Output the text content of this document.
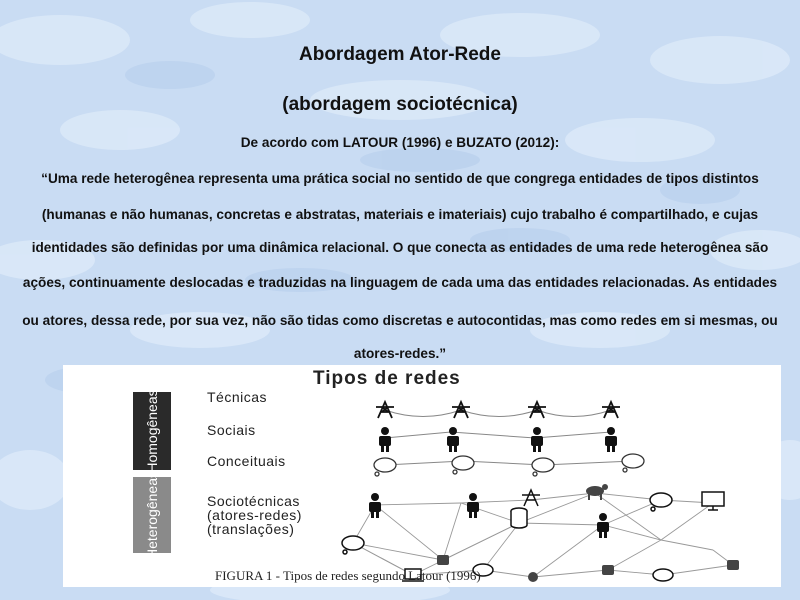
Abordagem Ator-Rede
(abordagem sociotécnica)
De acordo com LATOUR (1996) e BUZATO (2012):
“Uma rede heterogênea representa uma prática social no sentido de que congrega entidades de tipos distintos
(humanas e não humanas, concretas e abstratas, materiais e imateriais) cujo trabalho é compartilhado, e cujas
identidades são definidas por uma dinâmica relacional. O que conecta as entidades de uma rede heterogênea são
ações, continuamente deslocadas e traduzidas na linguagem de cada uma das entidades relacionadas. As entidades
ou atores, dessa rede, por sua vez, não são tidas como discretas e autocontidas, mas como redes em si mesmas, ou
atores-redes.”
Tipos de redes
Homogêneas
Heterogêneas
Técnicas
Sociais
Conceituais
Sociotécnicas
(atores-redes)
(translações)
FIGURA 1 - Tipos de redes segundo Latour (1996)
